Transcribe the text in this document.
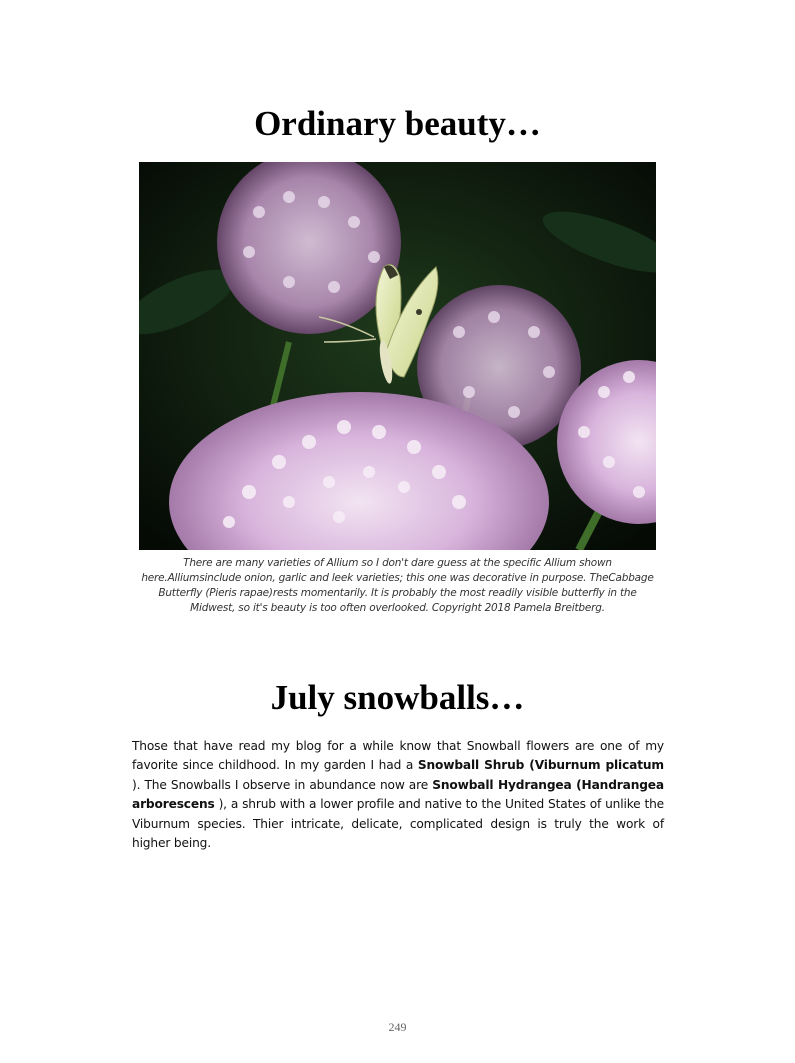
Ordinary beauty…
There are many varieties of Allium so I don't dare guess at the specific Allium shown here.Alliumsinclude onion, garlic and leek varieties; this one was decorative in purpose. TheCabbage Butterfly (Pieris rapae)rests momentarily. It is probably the most readily visible butterfly in the Midwest, so it's beauty is too often overlooked. Copyright 2018 Pamela Breitberg.
July snowballs…

Those that have read my blog for a while know that Snowball flowers are one of my favorite since childhood. In my garden I had a Snowball Shrub (Viburnum plicatum ). The Snowballs I observe in abundance now are Snowball Hydrangea (Handrangea arborescens ), a shrub with a lower profile and native to the United States of unlike the Viburnum species. Thier intricate, delicate, complicated design is truly the work of higher being.

249
